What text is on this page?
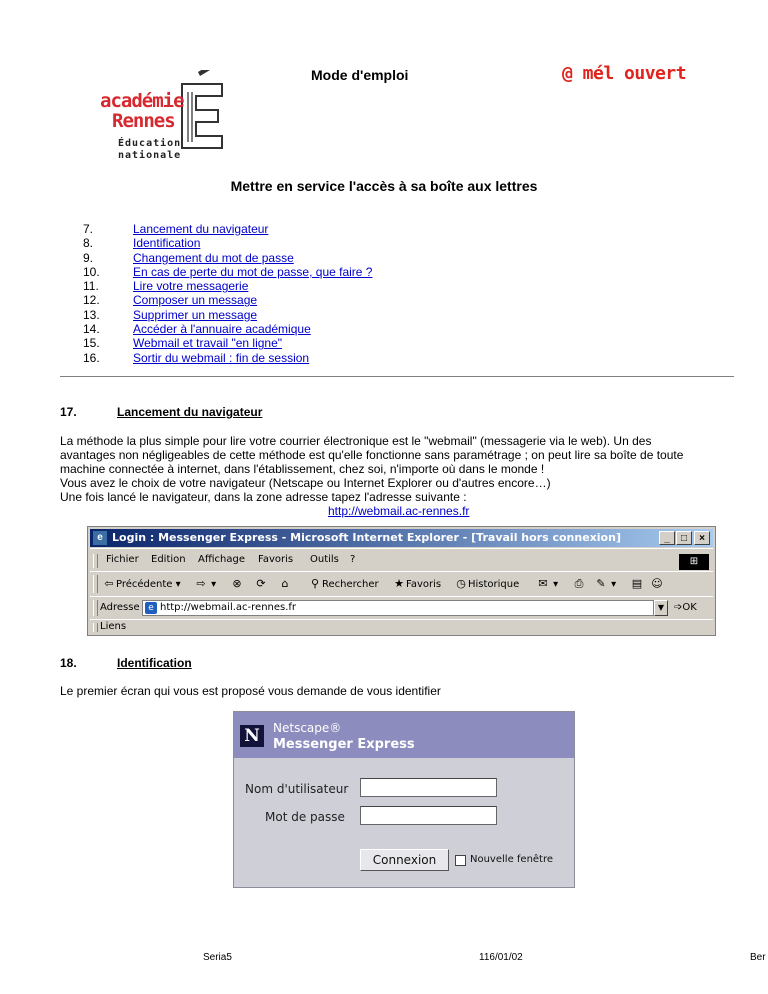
Mode d'emploi	@ mél ouvert
académie
Rennes
Éducation
nationale
Mettre en service l'accès à sa boîte aux lettres
7.	Lancement du navigateur
8.	Identification
9.	Changement du mot de passe
10.	En cas de perte du mot de passe, que faire ?
11.	Lire votre messagerie
12.	Composer un message
13.	Supprimer un message
14.	Accéder à l'annuaire académique
15.	Webmail et travail "en ligne"
16.	Sortir du webmail : fin de session
17.	Lancement du navigateur
La méthode la plus simple pour lire votre courrier électronique est le "webmail" (messagerie via le web). Un des
avantages non négligeables de cette méthode est qu'elle fonctionne sans paramétrage ; on peut lire sa boîte de toute
machine connectée à internet, dans l'établissement, chez soi, n'importe où dans le monde !
Vous avez le choix de votre navigateur (Netscape ou Internet Explorer ou d'autres encore…)
Une fois lancé le navigateur, dans la zone adresse tapez l'adresse suivante :
http://webmail.ac-rennes.fr
e Login : Messenger Express - Microsoft Internet Explorer - [Travail hors connexion]	_	□	×
Fichier Edition Affichage Favoris Outils ?	⊞
⇦ Précédente ▾ ⇨ ▾ ⊗ ⟳	⌂	⚲ Rechercher ★ Favoris ◷ Historique ✉ ▾ ⎙ ✎ ▾ ▤ ☺
Adresse e http://webmail.ac-rennes.fr	▼ ➩OK
Liens
18.	Identification
Le premier écran qui vous est proposé vous demande de vous identifier
N	Netscape®
Messenger Express
Nom d'utilisateur
Mot de passe
Connexion	Nouvelle fenêtre
Seria5	116/01/02	Ber
